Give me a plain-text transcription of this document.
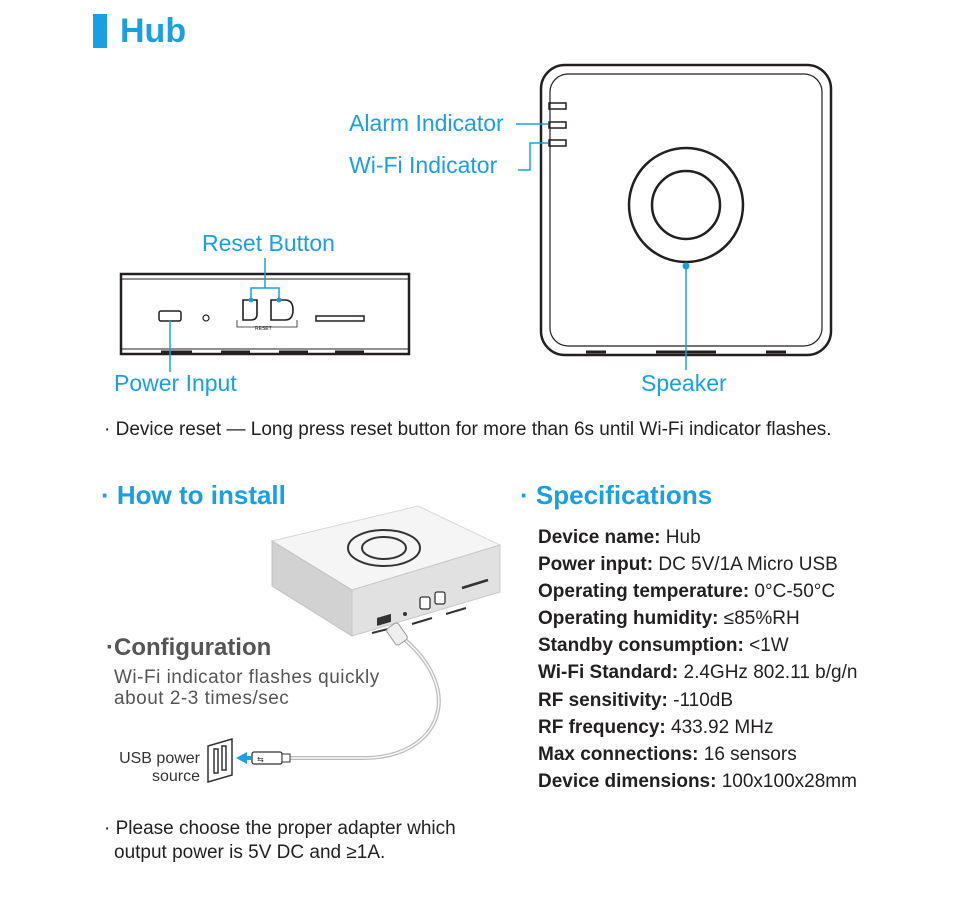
Hub
RESET
⇆
Alarm Indicator
Wi-Fi Indicator
Reset Button
Power Input	Speaker
· Device reset — Long press reset button for more than 6s until Wi-Fi indicator flashes.
· How to install	· Specifications
·Configuration
Wi-Fi indicator flashes quickly
about 2-3 times/sec
USB power
source
· Please choose the proper adapter which
output power is 5V DC and ≥1A.
Device name: Hub
Power input: DC 5V/1A Micro USB
Operating temperature: 0°C-50°C
Operating humidity: ≤85%RH
Standby consumption: <1W
Wi-Fi Standard: 2.4GHz 802.11 b/g/n
RF sensitivity: -110dB
RF frequency: 433.92 MHz
Max connections: 16 sensors
Device dimensions: 100x100x28mm
